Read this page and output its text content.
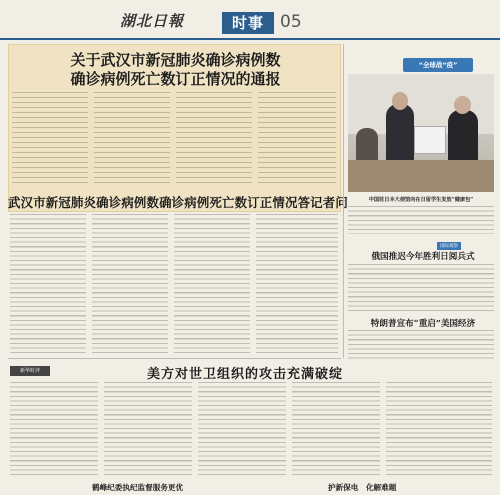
湖北日報	时事 05
关于武汉市新冠肺炎确诊病例数
确诊病例死亡数订正情况的通报
武汉市新冠肺炎确诊病例数确诊病例死亡数订正情况答记者问
新华时评	美方对世卫组织的攻击充满破绽
“全球战“疫”
中国驻日本大使馆向在日留学生发放“健康包”
国际观察
俄国推迟今年胜利日阅兵式
特朗普宣布“重启”美国经济
鹤峰纪委执纪监督服务更优	护新保电　化解难题
